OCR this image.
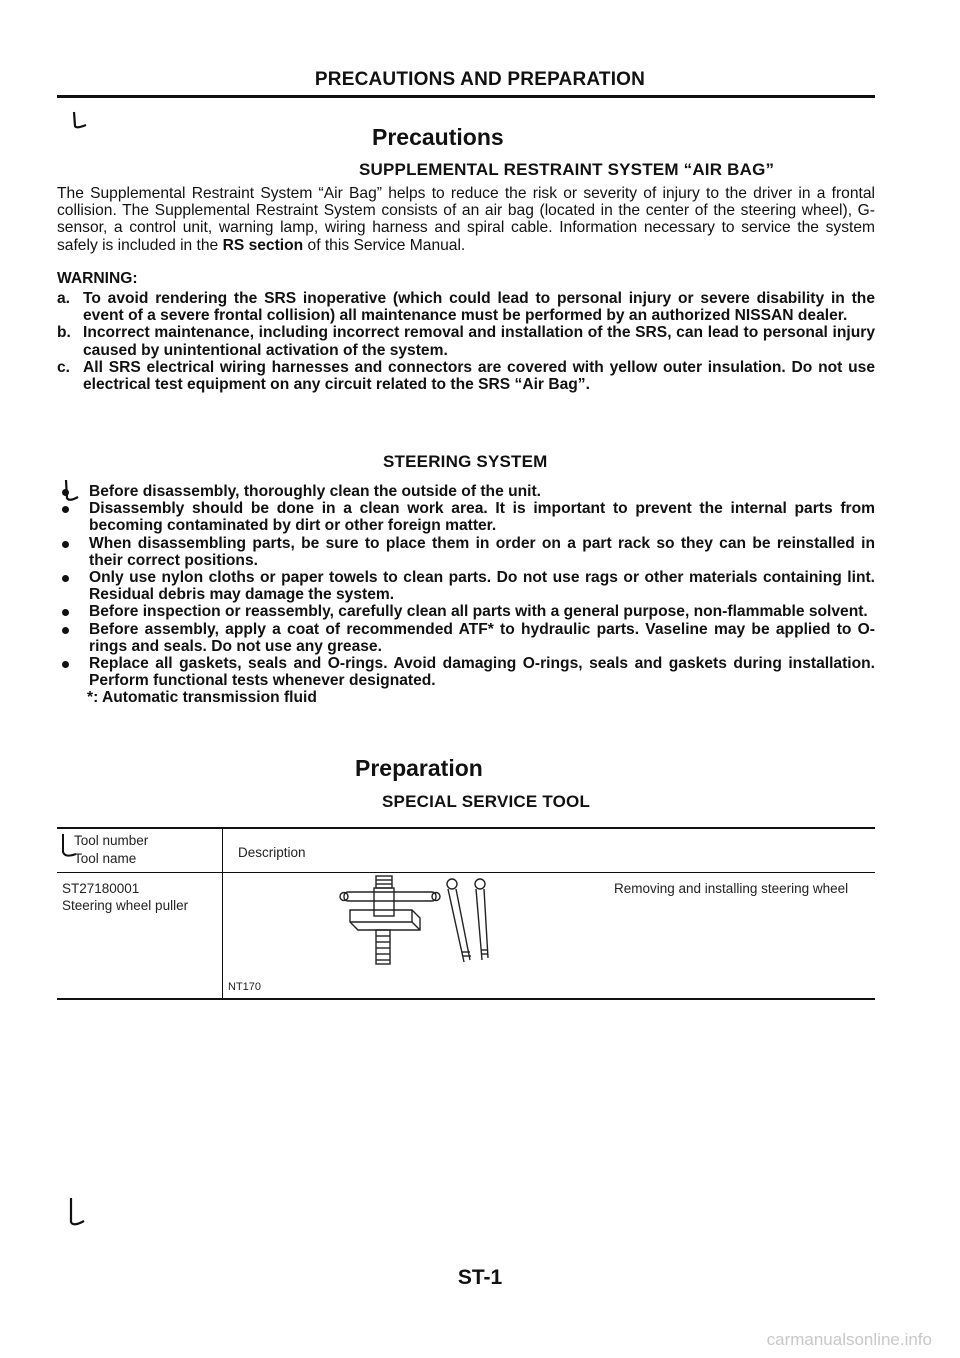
PRECAUTIONS AND PREPARATION
Precautions
SUPPLEMENTAL RESTRAINT SYSTEM “AIR BAG”
The Supplemental Restraint System “Air Bag” helps to reduce the risk or severity of injury to the driver in a frontal collision. The Supplemental Restraint System consists of an air bag (located in the center of the steering wheel), G-sensor, a control unit, warning lamp, wiring harness and spiral cable. Information necessary to service the system safely is included in the RS section of this Service Manual.
WARNING:
a. To avoid rendering the SRS inoperative (which could lead to personal injury or severe disability in the event of a severe frontal collision) all maintenance must be performed by an authorized NISSAN dealer.
b. Incorrect maintenance, including incorrect removal and installation of the SRS, can lead to personal injury caused by unintentional activation of the system.
c. All SRS electrical wiring harnesses and connectors are covered with yellow outer insulation. Do not use electrical test equipment on any circuit related to the SRS “Air Bag”.
STEERING SYSTEM
Before disassembly, thoroughly clean the outside of the unit.
Disassembly should be done in a clean work area. It is important to prevent the internal parts from becoming contaminated by dirt or other foreign matter.
When disassembling parts, be sure to place them in order on a part rack so they can be reinstalled in their correct positions.
Only use nylon cloths or paper towels to clean parts. Do not use rags or other materials containing lint. Residual debris may damage the system.
Before inspection or reassembly, carefully clean all parts with a general purpose, non-flammable solvent.
Before assembly, apply a coat of recommended ATF* to hydraulic parts. Vaseline may be applied to O-rings and seals. Do not use any grease.
Replace all gaskets, seals and O-rings. Avoid damaging O-rings, seals and gaskets during installation. Perform functional tests whenever designated.
*: Automatic transmission fluid
Preparation
SPECIAL SERVICE TOOL
Tool number
Tool name	Description
ST27180001
Steering wheel puller
Removing and installing steering wheel
NT170
ST-1
carmanualsonline.info
